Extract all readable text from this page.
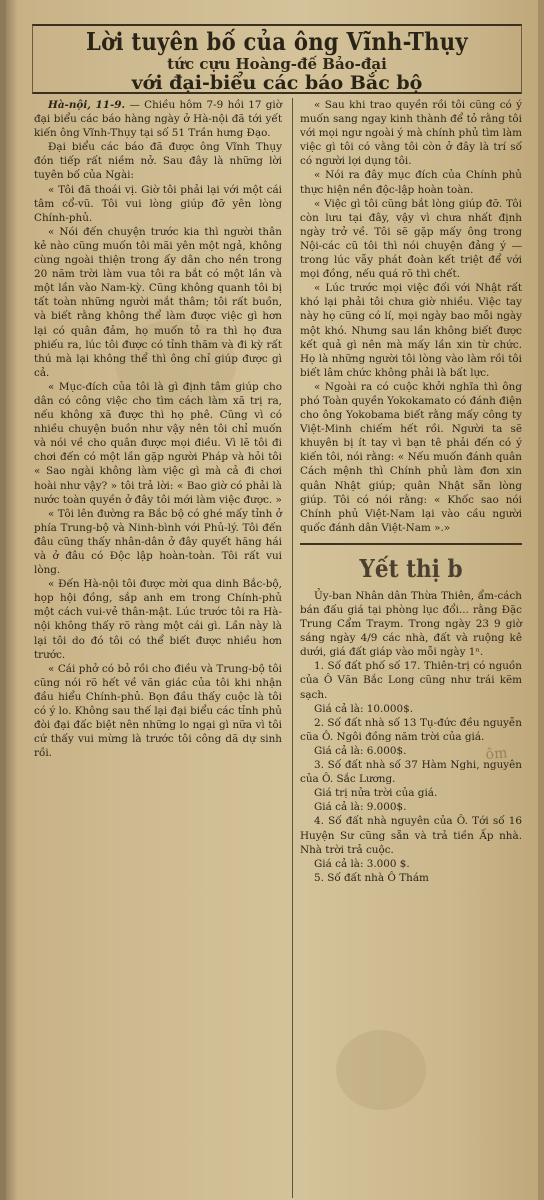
Lời tuyên bố của ông Vĩnh-Thụy
tức cựu Hoàng-đế Bảo-đại
với đại-biểu các báo Bắc bộ

Hà-nội, 11-9. — Chiều hôm 7-9 hồi 17 giờ đại biểu các báo hàng ngày ở Hà-nội đã tới yết kiến ông Vĩnh-Thụy tại số 51 Trần hưng Đạo.

Đại biểu các báo đã được ông Vĩnh Thụy đón tiếp rất niềm nở. Sau đây là những lời tuyên bố của Ngài:

« Tôi đã thoái vị. Giờ tôi phải lại với một cái tâm cổ-vũ. Tôi vui lòng giúp đỡ yên lòng Chính-phủ.

« Nói đến chuyện trước kia thì người thân kẻ nào cũng muốn tôi mãi yên một ngả, không cùng ngoài thiện trong ấy dân cho nền trong 20 năm trời làm vua tôi ra bắt có một lần và một lần vào Nam-kỳ. Cũng không quanh tôi bị tất toàn những người mắt thâm; tôi rất buồn, và biết rằng không thể làm được việc gì hơn lại có quân đảm, họ muốn tỏ ra thì họ đưa phiếu ra, lúc tôi được có tỉnh thăm và đi kỳ rất thú mà lại không thể thì ông chỉ giúp được gì cả.

« Mục-đích của tôi là gì định tâm giúp cho dân có công việc cho tìm cách làm xã trị ra, nếu không xã được thì họ phê. Cũng vì có nhiều chuyện buồn như vậy nên tôi chỉ muốn và nói về cho quân được mọi điều. Vì lẽ tôi đi chơi đến có một lần gặp người Pháp và hỏi tôi « Sao ngài không làm việc gì mà cả đi chơi hoài như vậy? » tôi trả lời: « Bao giờ có phải là nước toàn quyền ở đây tôi mới làm việc được. »

« Tôi lên đường ra Bắc bộ có ghé mấy tỉnh ở phía Trung-bộ và Ninh-bình với Phủ-lý. Tôi đến đâu cũng thấy nhân-dân ở đây quyết hăng hái và ở đâu có Độc lập hoàn-toàn. Tôi rất vui lòng.

« Đến Hà-nội tôi được mời qua dinh Bắc-bộ, họp hội đồng, sắp anh em trong Chính-phủ một cách vui-vẻ thân-mật. Lúc trước tôi ra Hà-nội không thấy rõ ràng một cái gì. Lần này là lại tôi do đó tôi có thể biết được nhiều hơn trước.

« Cái phở có bỏ rồi cho điều và Trung-bộ tôi cũng nói rõ hết về văn giác của tôi khi nhận đầu hiểu Chính-phủ. Bọn đầu thấy cuộc là tôi có ý lo. Không sau thế lại đại biểu các tỉnh phủ đòi đại đấc biệt nên những lo ngại gì nữa vì tôi cứ thấy vui mừng là trước tôi công dã dự sinh rồi.

« Sau khi trao quyền rồi tôi cũng có ý muốn sang ngay kinh thành để tỏ rằng tôi với mọi ngư ngoài ý mà chính phủ tìm làm việc gì tôi có vằng tôi còn ở đây là trí số có người lợi dụng tôi.

« Nói ra đây mục đích của Chính phủ thực hiện nền độc-lập hoàn toàn.

« Việc gì tôi cũng bắt lòng giúp đỡ. Tôi còn lưu tại đây, vậy vì chưa nhất định ngày trở về. Tôi sẽ gặp mấy ông trong Nội-các cũ tôi thì nói chuyện đảng ý — trong lúc vẫy phát đoàn kết triệt để với mọi đồng, nếu quá rõ thì chết.

« Lúc trước mọi việc đối với Nhật rất khó lại phải tôi chưa giờ nhiều. Việc tay này họ cũng có lí, mọi ngày bao mỗi ngày một khó. Nhưng sau lần không biết được kết quả gì nên mà mấy lần xin từ chức. Họ là những người tôi lòng vào làm rồi tôi biết lâm chức không phải là bất lực.

« Ngoài ra có cuộc khởi nghĩa thì ông phó Toàn quyền Yokokamato có đánh điện cho ông Yokobama biết rằng mấy công ty Việt-Minh chiếm hết rồi. Người ta sẽ khuyên bị ít tay vì bạn tê phải đến có ý kiến tôi, nói rằng: « Nếu muốn đánh quân Cách mệnh thì Chính phủ làm đơn xin quân Nhật giúp; quân Nhật sẵn lòng giúp. Tôi có nói rằng: « Khốc sao nói Chính phủ Việt-Nam lại vào cầu người quốc đánh dân Việt-Nam ».»

Yết thị b

Ủy-ban Nhân dân Thừa Thiên, ẩm-cách bán đấu giá tại phòng lục đổi... rằng Đặc Trung Cẩm Traym. Trong ngày 23 9 giờ sáng ngày 4/9 các nhà, đất và ruộng kê dưới, giá đất giáp vào mỗi ngày 1ⁿ.

1. Số đất phố số 17. Thiên-trị có nguồn của Ô Văn Bắc Long cũng như trái kẽm sạch.

Giá cả là: 10.000$.

2. Số đất nhà số 13 Tụ-đức đều nguyễn cũa Ô. Ngôi đồng năm trời của giá.

Giá cả là: 6.000$.

3. Số đất nhà số 37 Hàm Nghi, nguyên của Ô. Sắc Lương.

Giá trị nửa trời của giá.

Giá cả là: 9.000$.

4. Số đất nhà nguyên của Ô. Tới số 16 Huyện Sư cũng sẵn và trả tiền Ấp nhà. Nhà trời trả cuộc.

Giá cả là: 3.000 $.

5. Số đất nhà Ô Thám

ôm
